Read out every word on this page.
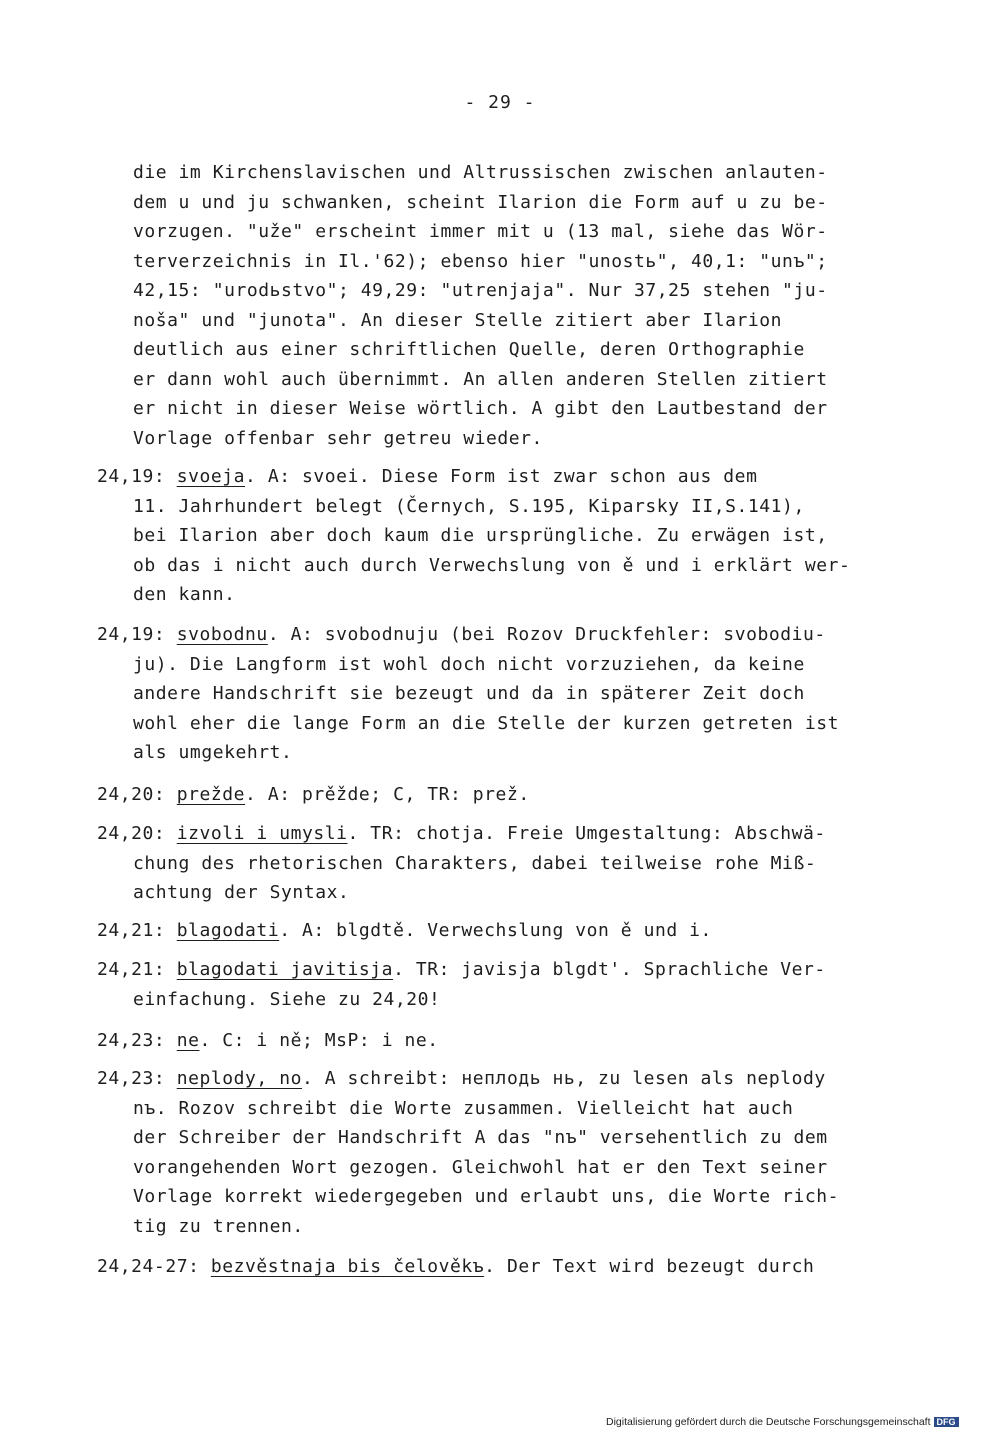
- 29 -

die im Kirchenslavischen und Altrussischen zwischen anlauten-

dem u und ju schwanken, scheint Ilarion die Form auf u zu be-

vorzugen. "uže" erscheint immer mit u (13 mal, siehe das Wör-

terverzeichnis in Il.'62); ebenso hier "unostь", 40,1: "unъ";

42,15: "urodьstvo"; 49,29: "utrenjaja". Nur 37,25 stehen "ju-

noša" und "junota". An dieser Stelle zitiert aber Ilarion

deutlich aus einer schriftlichen Quelle, deren Orthographie

er dann wohl auch übernimmt. An allen anderen Stellen zitiert

er nicht in dieser Weise wörtlich. A gibt den Lautbestand der

Vorlage offenbar sehr getreu wieder.

24,19: svoeja. A: svoei. Diese Form ist zwar schon aus dem
11. Jahrhundert belegt (Černych, S.195, Kiparsky II,S.141),
bei Ilarion aber doch kaum die ursprüngliche. Zu erwägen ist,
ob das i nicht auch durch Verwechslung von ě und i erklärt wer-
den kann.
24,19: svobodnu. A: svobodnuju (bei Rozov Druckfehler: svobodiu-
ju). Die Langform ist wohl doch nicht vorzuziehen, da keine
andere Handschrift sie bezeugt und da in späterer Zeit doch
wohl eher die lange Form an die Stelle der kurzen getreten ist
als umgekehrt.
24,20: prežde. A: prěžde; C, TR: prež.
24,20: izvoli i umysli. TR: chotja. Freie Umgestaltung: Abschwä-
chung des rhetorischen Charakters, dabei teilweise rohe Miß-
achtung der Syntax.
24,21: blagodati. A: blgdtě. Verwechslung von ě und i.
24,21: blagodati javitisja. TR: javisja blgdt'. Sprachliche Ver-
einfachung. Siehe zu 24,20!
24,23: ne. C: i ně; MsP: i ne.
24,23: neplody, no. A schreibt: неплодь нь, zu lesen als neplody
nъ. Rozov schreibt die Worte zusammen. Vielleicht hat auch
der Schreiber der Handschrift A das "nъ" versehentlich zu dem
vorangehenden Wort gezogen. Gleichwohl hat er den Text seiner
Vorlage korrekt wiedergegeben und erlaubt uns, die Worte rich-
tig zu trennen.
24,24-27: bezvěstnaja bis čelověkъ. Der Text wird bezeugt durch
Digitalisierung gefördert durch die Deutsche Forschungsgemeinschaft DFG
